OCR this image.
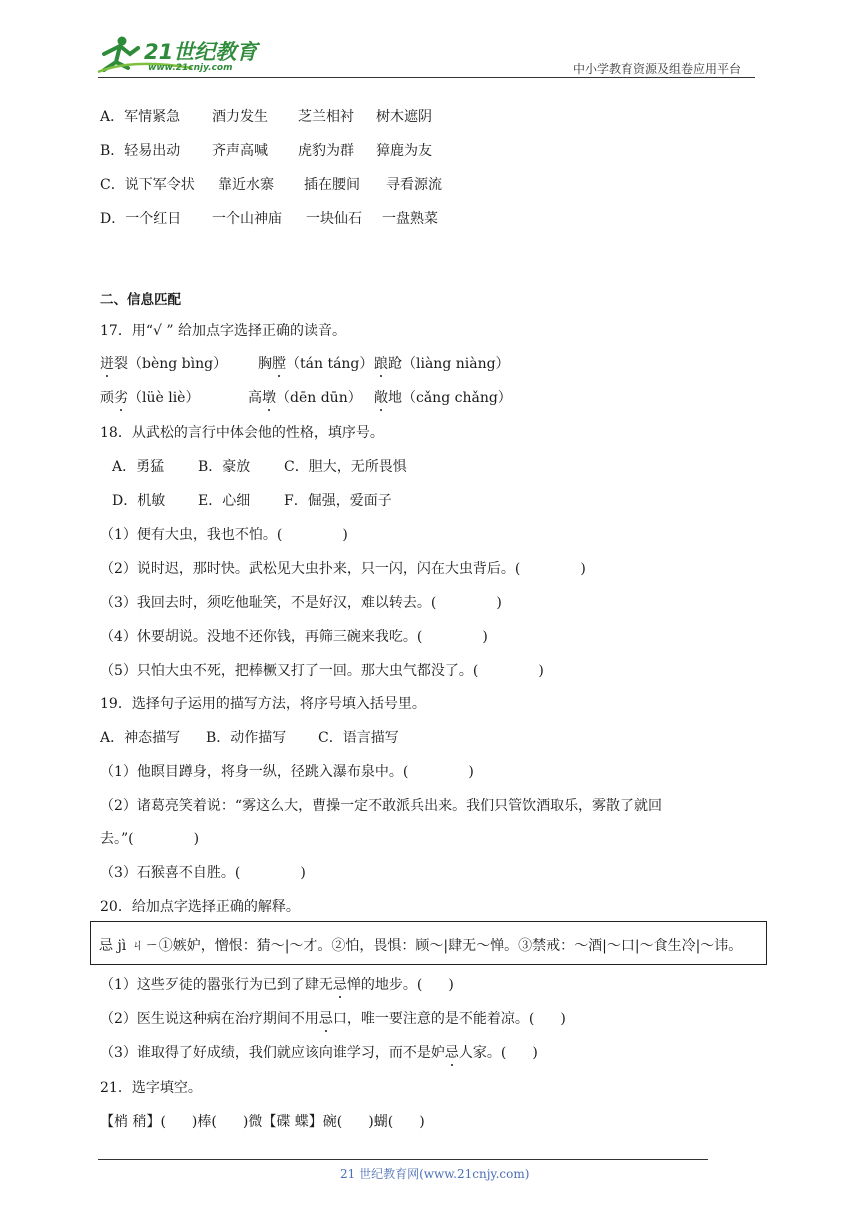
21世纪教育
www.21cnjy.com	中小学教育资源及组卷应用平台
A．军情紧急 酒力发生 芝兰相衬 树木遮阴
B．轻易出动 齐声高喊 虎豹为群 獐鹿为友
C．说下军令状 靠近水寨 插在腰间 寻看源流
D．一个红日 一个山神庙 一块仙石 一盘熟菜
二、信息匹配
17．用“√ ” 给加点字选择正确的读音。
迸裂（bèng bìng） 胸膛（tán táng）踉跄（liàng niàng）
顽劣（lüè liè）	高墩（dēn dūn） 敞地（cǎng chǎng）
18．从武松的言行中体会他的性格，填序号。
A．勇猛 B．豪放 C．胆大，无所畏惧
D．机敏 E．心细 F．倔强，爱面子
（1）便有大虫，我也不怕。(	)
（2）说时迟，那时快。武松见大虫扑来，只一闪，闪在大虫背后。(	)
（3）我回去时，须吃他耻笑，不是好汉，难以转去。(	)
（4）休要胡说。没地不还你钱，再筛三碗来我吃。(	)
（5）只怕大虫不死，把棒橛又打了一回。那大虫气都没了。(	)
19．选择句子运用的描写方法，将序号填入括号里。
A．神态描写 B．动作描写 C．语言描写
（1）他瞑目蹲身，将身一纵，径跳入瀑布泉中。(	)
（2）诸葛亮笑着说：“雾这么大，曹操一定不敢派兵出来。我们只管饮酒取乐，雾散了就回
去。”(	)
（3）石猴喜不自胜。(	)
20．给加点字选择正确的解释。
忌 jì ㄐㄧ①嫉妒，憎恨：猜～|～才。②怕，畏惧：顾～|肆无～惮。③禁戒：～酒|～口|～食生冷|～讳。
（1）这些歹徒的嚣张行为已到了肆无忌惮的地步。( )
（2）医生说这种病在治疗期间不用忌口，唯一要注意的是不能着凉。( )
（3）谁取得了好成绩，我们就应该向谁学习，而不是妒忌人家。( )
21．选字填空。
【梢 稍】( )棒( )微【碟 蝶】碗( )蝴( )
21 世纪教育网(www.21cnjy.com)
